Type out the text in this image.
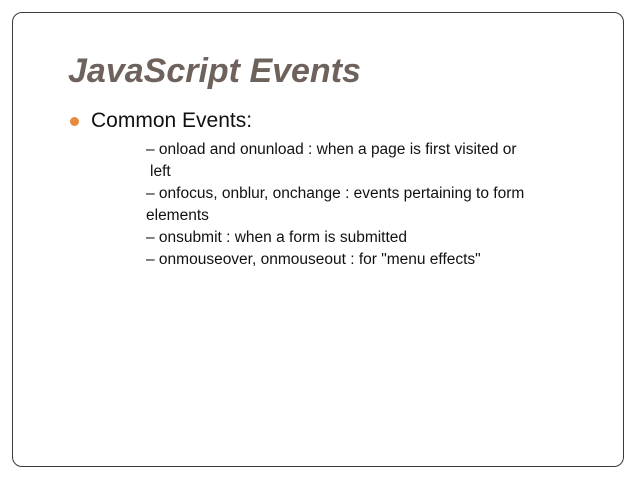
JavaScript Events
Common Events:
– onload and onunload : when a page is first visited or
left
– onfocus, onblur, onchange : events pertaining to form
elements
– onsubmit : when a form is submitted
– onmouseover, onmouseout : for "menu effects"
